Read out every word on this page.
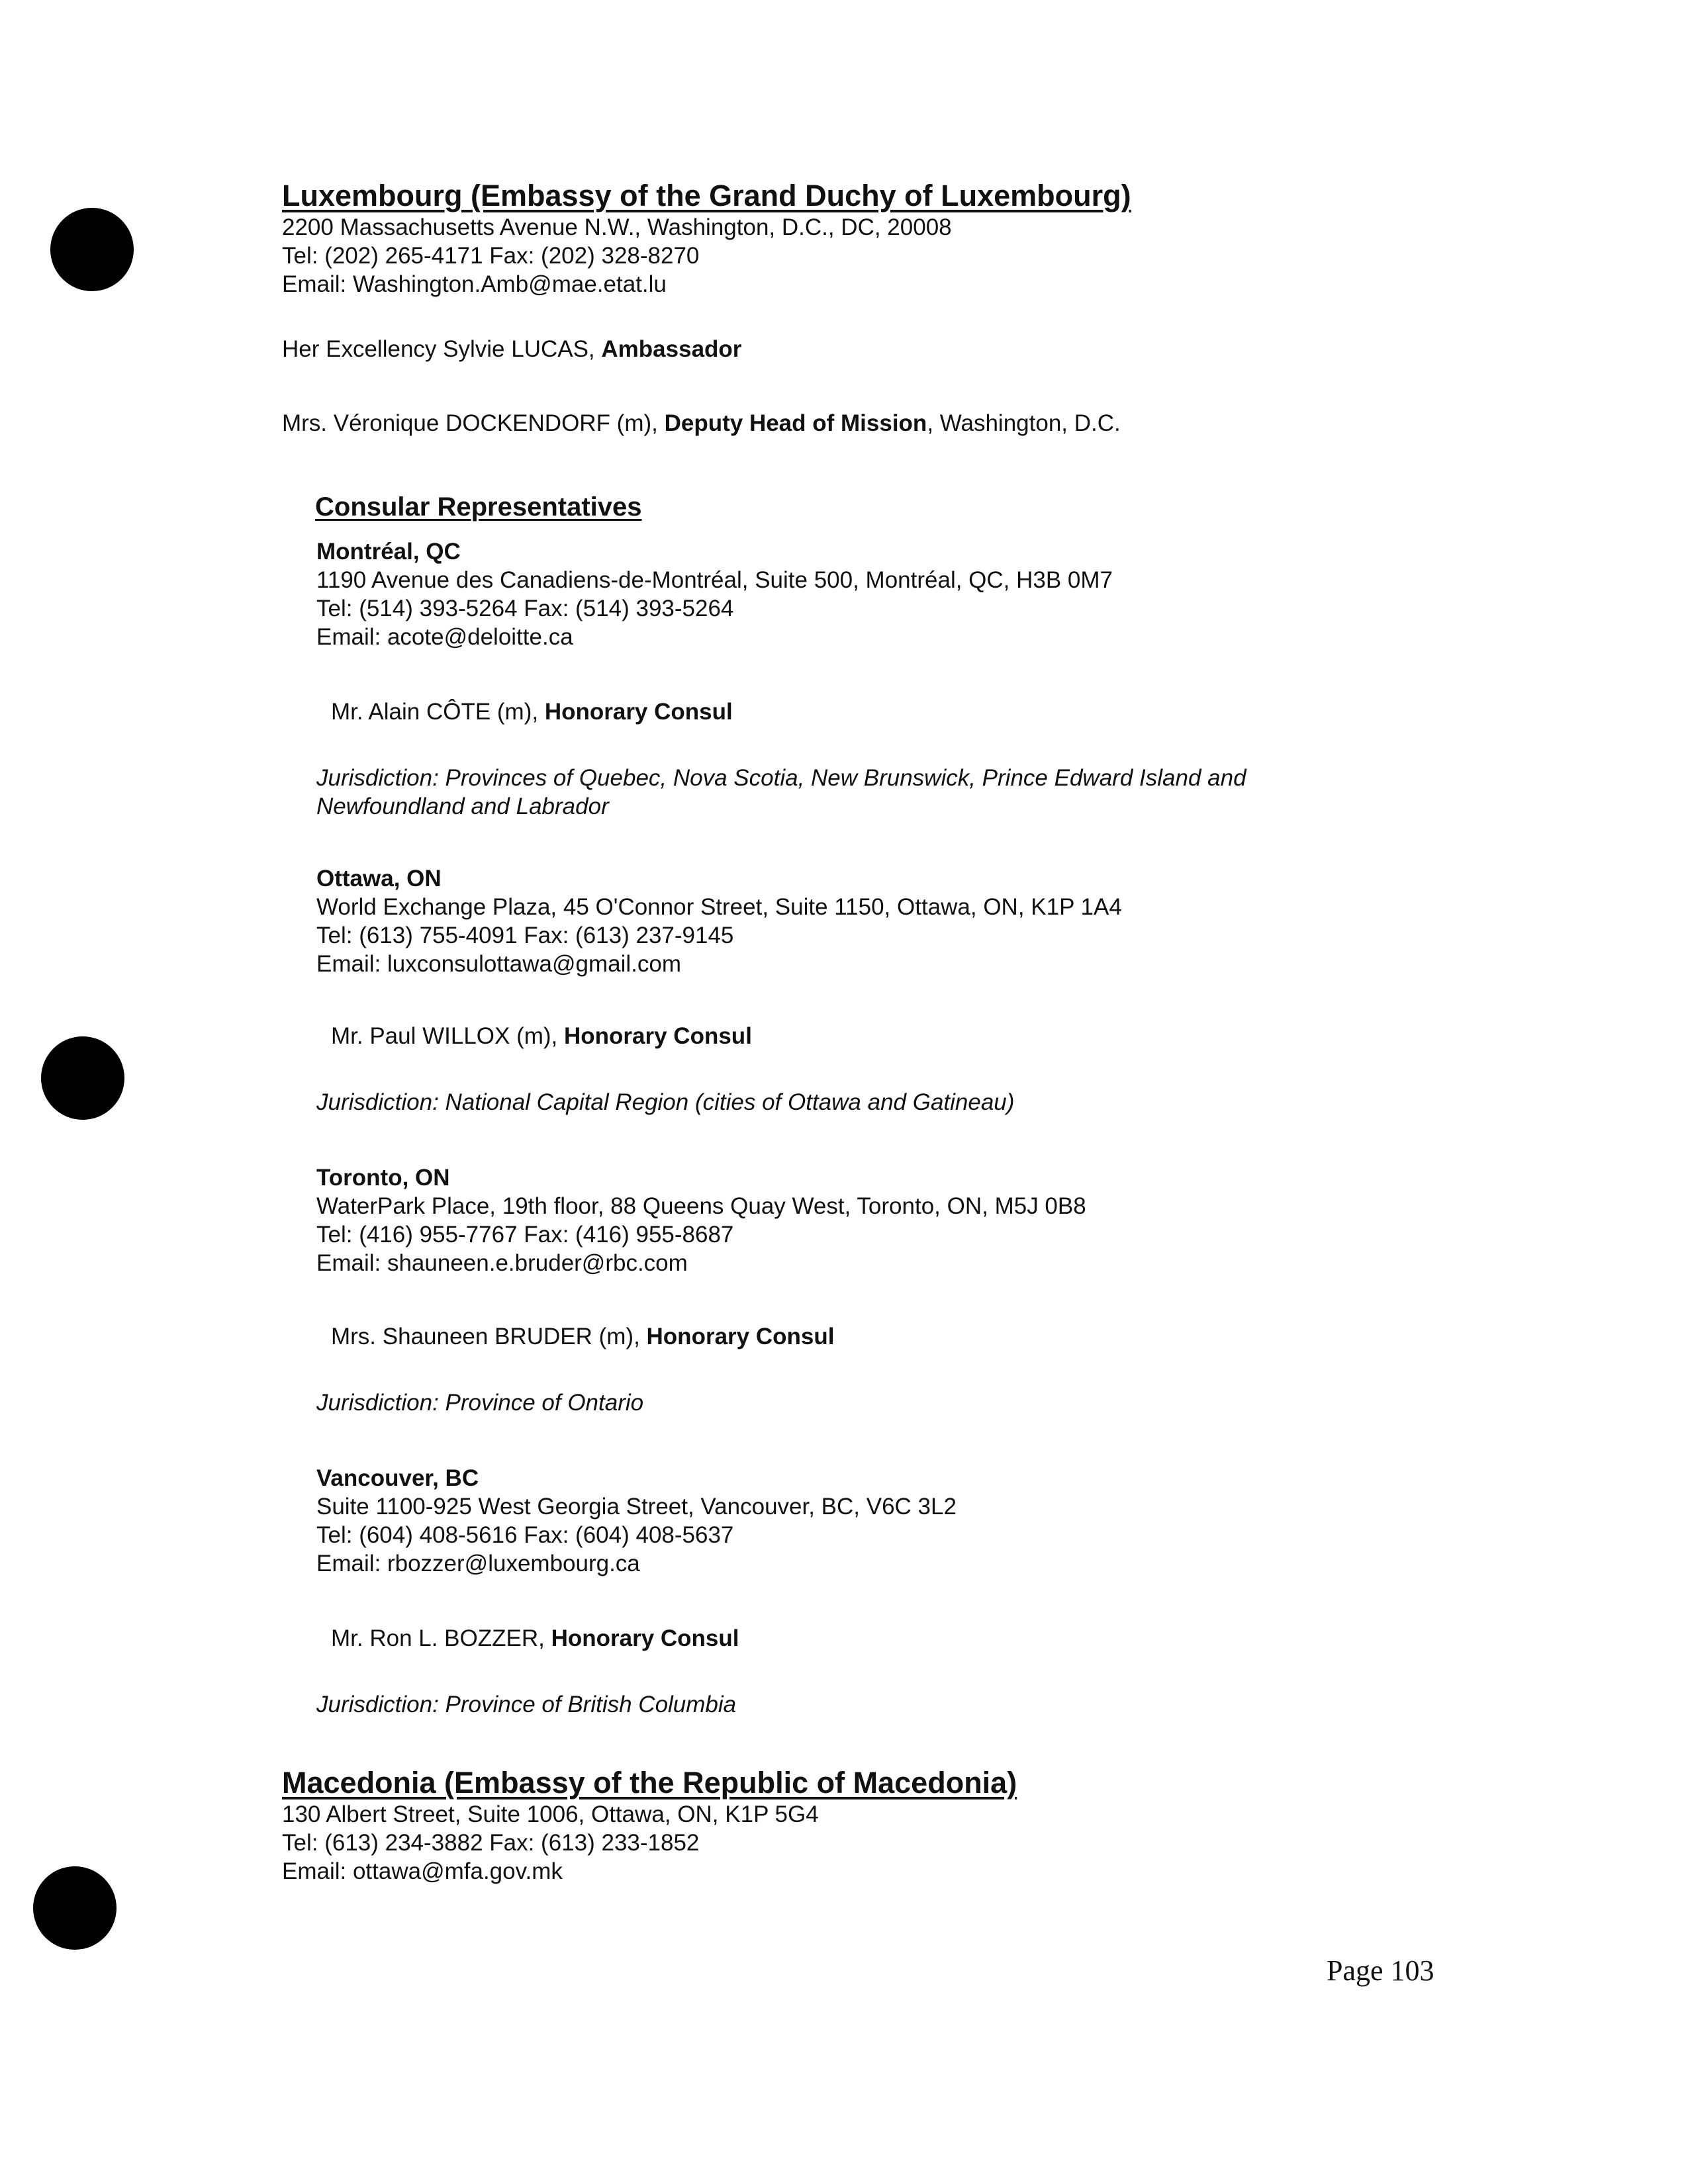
Luxembourg (Embassy of the Grand Duchy of Luxembourg)
2200 Massachusetts Avenue N.W., Washington, D.C., DC, 20008
Tel: (202) 265-4171 Fax: (202) 328-8270
Email: Washington.Amb@mae.etat.lu
Her Excellency Sylvie LUCAS, Ambassador
Mrs. Véronique DOCKENDORF (m), Deputy Head of Mission, Washington, D.C.
Consular Representatives
Montréal, QC
1190 Avenue des Canadiens-de-Montréal, Suite 500, Montréal, QC, H3B 0M7
Tel: (514) 393-5264 Fax: (514) 393-5264
Email: acote@deloitte.ca
Mr. Alain CÔTE (m), Honorary Consul
Jurisdiction: Provinces of Quebec, Nova Scotia, New Brunswick, Prince Edward Island and
Newfoundland and Labrador
Ottawa, ON
World Exchange Plaza, 45 O'Connor Street, Suite 1150, Ottawa, ON, K1P 1A4
Tel: (613) 755-4091 Fax: (613) 237-9145
Email: luxconsulottawa@gmail.com
Mr. Paul WILLOX (m), Honorary Consul
Jurisdiction: National Capital Region (cities of Ottawa and Gatineau)
Toronto, ON
WaterPark Place, 19th floor, 88 Queens Quay West, Toronto, ON, M5J 0B8
Tel: (416) 955-7767 Fax: (416) 955-8687
Email: shauneen.e.bruder@rbc.com
Mrs. Shauneen BRUDER (m), Honorary Consul
Jurisdiction: Province of Ontario
Vancouver, BC
Suite 1100-925 West Georgia Street, Vancouver, BC, V6C 3L2
Tel: (604) 408-5616 Fax: (604) 408-5637
Email: rbozzer@luxembourg.ca
Mr. Ron L. BOZZER, Honorary Consul
Jurisdiction: Province of British Columbia
Macedonia (Embassy of the Republic of Macedonia)
130 Albert Street, Suite 1006, Ottawa, ON, K1P 5G4
Tel: (613) 234-3882 Fax: (613) 233-1852
Email: ottawa@mfa.gov.mk
Page 103
